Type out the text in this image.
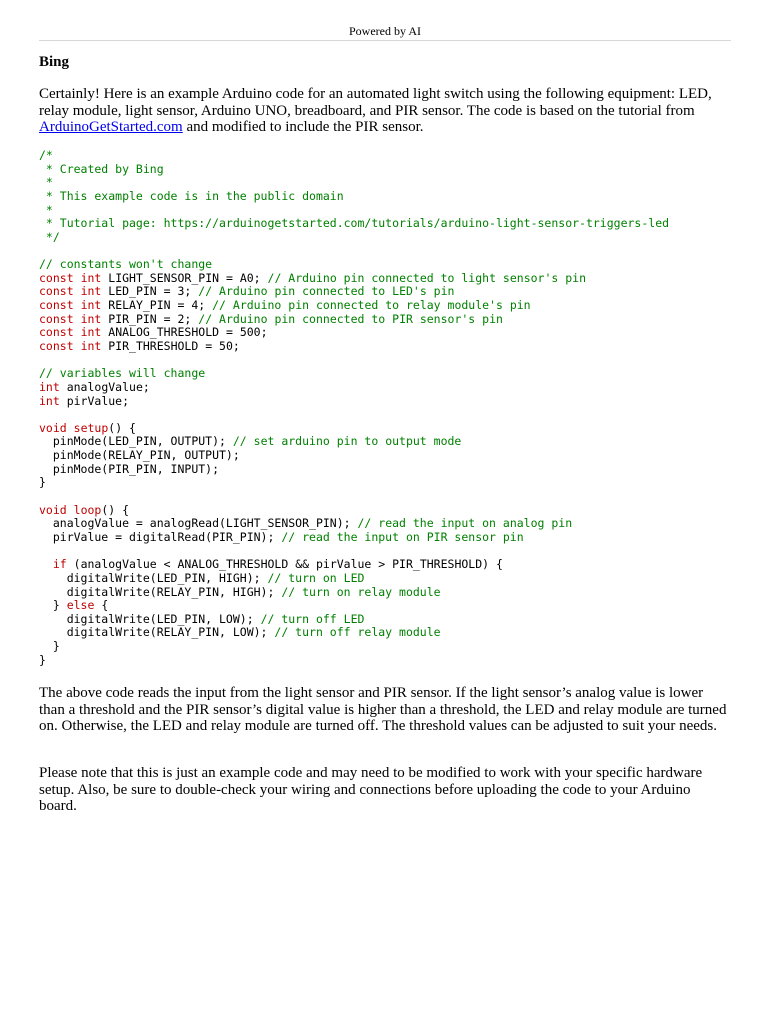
Powered by AI
Bing

Certainly! Here is an example Arduino code for an automated light switch using the following equipment: LED, relay module, light sensor, Arduino UNO, breadboard, and PIR sensor. The code is based on the tutorial from ArduinoGetStarted.com and modified to include the PIR sensor.

/*
* Created by Bing
*
* This example code is in the public domain
*
* Tutorial page: https://arduinogetstarted.com/tutorials/arduino-light-sensor-triggers-led
*/

// constants won't change
const int LIGHT_SENSOR_PIN = A0; // Arduino pin connected to light sensor's pin
const int LED_PIN = 3; // Arduino pin connected to LED's pin
const int RELAY_PIN = 4; // Arduino pin connected to relay module's pin
const int PIR_PIN = 2; // Arduino pin connected to PIR sensor's pin
const int ANALOG_THRESHOLD = 500;
const int PIR_THRESHOLD = 50;

// variables will change
int analogValue;
int pirValue;

void setup() {
pinMode(LED_PIN, OUTPUT); // set arduino pin to output mode
pinMode(RELAY_PIN, OUTPUT);
pinMode(PIR_PIN, INPUT);
}

void loop() {
analogValue = analogRead(LIGHT_SENSOR_PIN); // read the input on analog pin
pirValue = digitalRead(PIR_PIN); // read the input on PIR sensor pin

if (analogValue < ANALOG_THRESHOLD && pirValue > PIR_THRESHOLD) {
digitalWrite(LED_PIN, HIGH); // turn on LED
digitalWrite(RELAY_PIN, HIGH); // turn on relay module
} else {
digitalWrite(LED_PIN, LOW); // turn off LED
digitalWrite(RELAY_PIN, LOW); // turn off relay module
}
}

The above code reads the input from the light sensor and PIR sensor. If the light sensor’s analog value is lower than a threshold and the PIR sensor’s digital value is higher than a threshold, the LED and relay module are turned on. Otherwise, the LED and relay module are turned off. The threshold values can be adjusted to suit your needs.

Please note that this is just an example code and may need to be modified to work with your specific hardware setup. Also, be sure to double-check your wiring and connections before uploading the code to your Arduino board.
